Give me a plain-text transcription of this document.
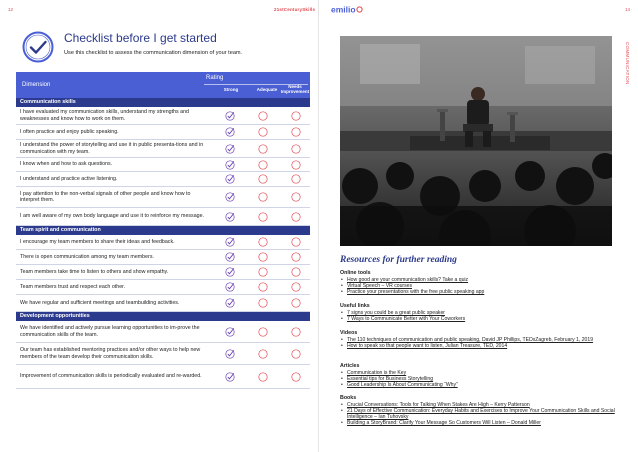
12	21stCenturySkills emilio	14
Checklist before I get started

Use this checklist to assess the communication dimension of your team.

Dimension
Rating
Strong	Adequate
Needs Improvement
Communication skills
I have evaluated my communication skills, understand my strengths and weaknesses and know how to work on them.
I often practice and enjoy public speaking.
I understand the power of storytelling and use it in public presenta-tions and in communication with my team.
I know when and how to ask questions.
I understand and practice active listening.
I pay attention to the non-verbal signals of other people and know how to interpret them.
I am well aware of my own body language and use it to reinforce my message.
Team spirit and communication
I encourage my team members to share their ideas and feedback.
There is open communication among my team members.
Team members take time to listen to others and show empathy.
Team members trust and respect each other.
We have regular and sufficient meetings and teambuilding activities.
Development opportunities
We have identified and actively pursue learning opportunities to im-prove the communication skills of the team.
Our team has established mentoring practices and/or other ways to help new members of the team develop their communication skills.
Improvement of communication skills is periodically evaluated and re-warded.
COMMUNICATION
Resources for further reading
Online tools
• How good are your communication skills? Take a quiz
• Virtual Speech – VR courses
• Practice your presentations with the free public speaking app
Useful links
• 7 signs you could be a great public speaker
• 7 Ways to Communicate Better with Your Coworkers
Videos
• The 110 techniques of communication and public speaking, David JP Phillips, TEDxZagreb, February 1, 2019
• How to speak so that people want to listen, Julian Treasure, TED, 2014
Articles
• Communication is the Key
• Essential tips for Business Storytelling
• Good Leadership Is About Communicating “Why”
Books
• Crucial Conversations: Tools for Talking When Stakes Are High – Kerry Patterson
• 21 Days of Effective Communication: Everyday Habits and Exercises to Improve Your Communication Skills and Social Intelligence – Ian Tuhovsky
• Building a StoryBrand: Clarify Your Message So Customers Will Listen – Donald Miller
